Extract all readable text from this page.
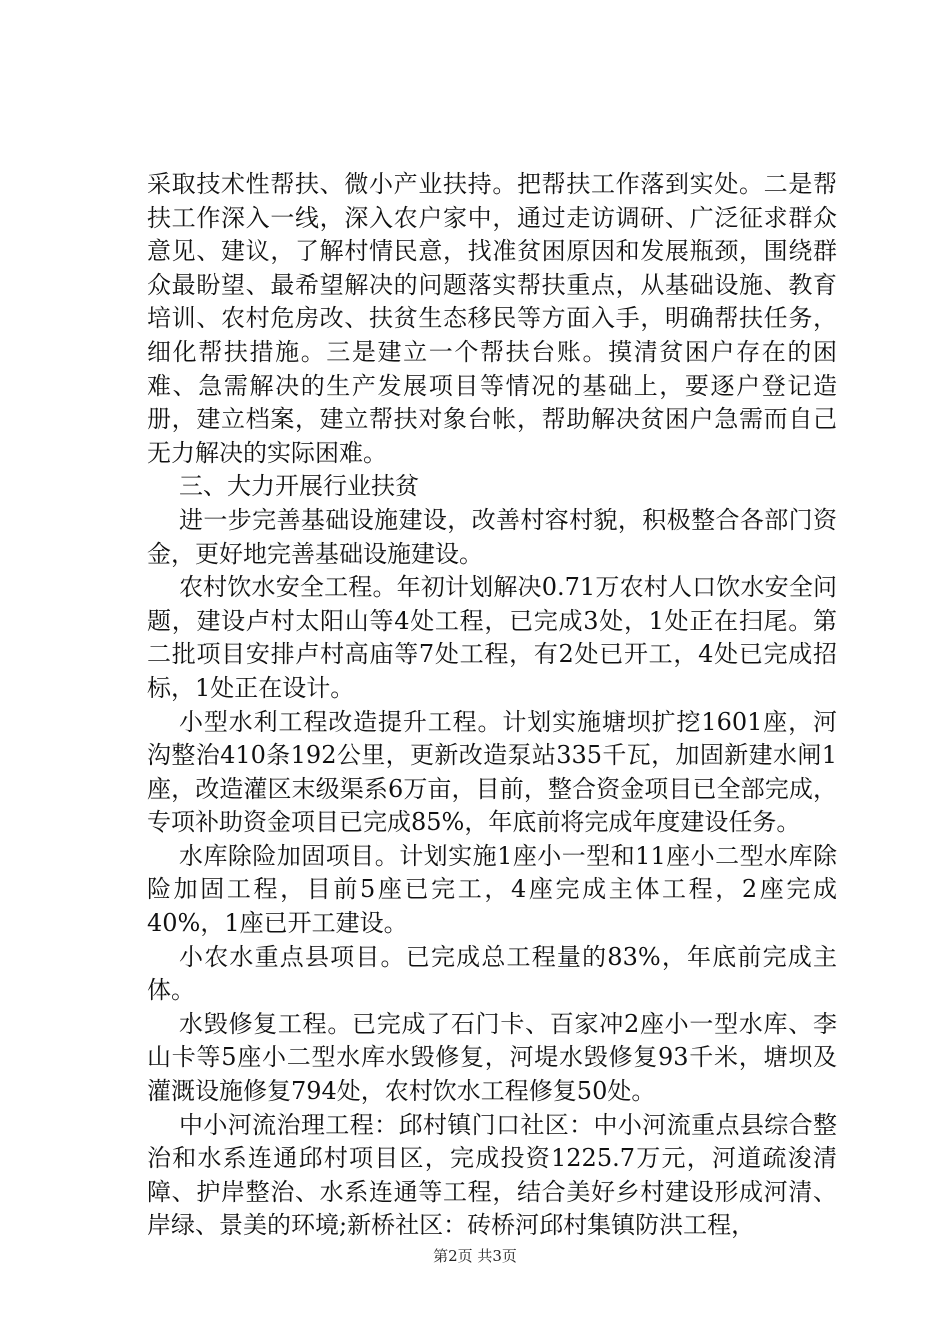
采取技术性帮扶、微小产业扶持。把帮扶工作落到实处。二是帮扶工作深入一线，深入农户家中，通过走访调研、广泛征求群众意见、建议，了解村情民意，找准贫困原因和发展瓶颈，围绕群众最盼望、最希望解决的问题落实帮扶重点，从基础设施、教育培训、农村危房改、扶贫生态移民等方面入手，明确帮扶任务，细化帮扶措施。三是建立一个帮扶台账。摸清贫困户存在的困难、急需解决的生产发展项目等情况的基础上，要逐户登记造册，建立档案，建立帮扶对象台帐，帮助解决贫困户急需而自己无力解决的实际困难。

三、大力开展行业扶贫

进一步完善基础设施建设，改善村容村貌，积极整合各部门资金，更好地完善基础设施建设。

农村饮水安全工程。年初计划解决0.71万农村人口饮水安全问题，建设卢村太阳山等4处工程，已完成3处，1处正在扫尾。第二批项目安排卢村高庙等7处工程，有2处已开工，4处已完成招标，1处正在设计。

小型水利工程改造提升工程。计划实施塘坝扩挖1601座，河沟整治410条192公里，更新改造泵站335千瓦，加固新建水闸1座，改造灌区末级渠系6万亩，目前，整合资金项目已全部完成，专项补助资金项目已完成85%，年底前将完成年度建设任务。

水库除险加固项目。计划实施1座小一型和11座小二型水库除险加固工程，目前5座已完工，4座完成主体工程，2座完成40%，1座已开工建设。

小农水重点县项目。已完成总工程量的83%，年底前完成主体。

水毁修复工程。已完成了石门卡、百家冲2座小一型水库、李山卡等5座小二型水库水毁修复，河堤水毁修复93千米，塘坝及灌溉设施修复794处，农村饮水工程修复50处。

中小河流治理工程：邱村镇门口社区：中小河流重点县综合整治和水系连通邱村项目区，完成投资1225.7万元，河道疏浚清障、护岸整治、水系连通等工程，结合美好乡村建设形成河清、岸绿、景美的环境;新桥社区：砖桥河邱村集镇防洪工程，

第2页 共3页
